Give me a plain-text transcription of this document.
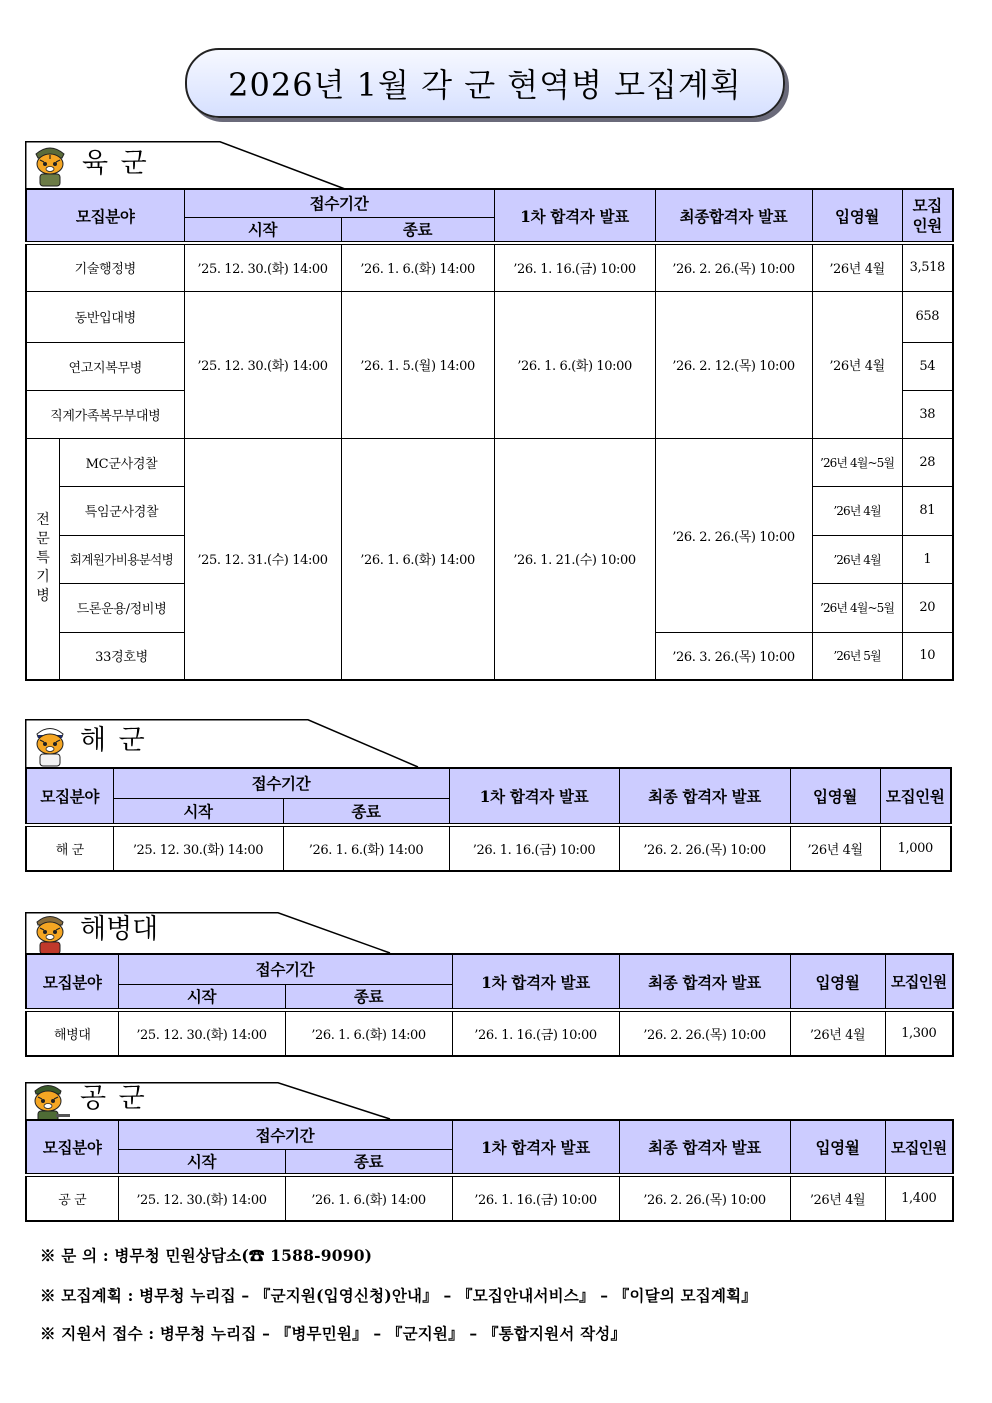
2026년 1월 각 군 현역병 모집계획
육 군
모집분야		접수기간		1차 합격자 발표	최종합격자 발표	입영월	모집
인원

		시작	종료				
기술행정병		’25. 12. 30.(화) 14:00	’26. 1. 6.(화) 14:00	’26. 1. 16.(금) 10:00	’26. 2. 26.(목) 10:00	’26년 4월	3,518
동반입대병		’25. 12. 30.(화) 14:00	’26. 1. 5.(월) 14:00	’26. 1. 6.(화) 10:00	’26. 2. 12.(목) 10:00	’26년 4월	658
연고지복무병							54
직계가족복무부대병							38

전문특기병	MC군사경찰	’25. 12. 31.(수) 14:00	’26. 1. 6.(화) 14:00	’26. 1. 21.(수) 10:00	’26. 2. 26.(목) 10:00	’26년 4월~5월	28
	특임군사경찰					’26년 4월	81
	회계원가비용분석병					’26년 4월	1
	드론운용/정비병					’26년 4월~5월	20
	33경호병				’26. 3. 26.(목) 10:00	’26년 5월	10
해 군
모집분야	접수기간		1차 합격자 발표	최종 합격자 발표	입영월	모집인원
	시작	종료				
해 군	’25. 12. 30.(화) 14:00	’26. 1. 6.(화) 14:00	’26. 1. 16.(금) 10:00	’26. 2. 26.(목) 10:00	’26년 4월	1,000
해병대
모집분야	접수기간		1차 합격자 발표	최종 합격자 발표	입영월	모집인원
	시작	종료				
해병대	’25. 12. 30.(화) 14:00	’26. 1. 6.(화) 14:00	’26. 1. 16.(금) 10:00	’26. 2. 26.(목) 10:00	’26년 4월	1,300
공 군
모집분야	접수기간		1차 합격자 발표	최종 합격자 발표	입영월	모집인원
	시작	종료				
공 군	’25. 12. 30.(화) 14:00	’26. 1. 6.(화) 14:00	’26. 1. 16.(금) 10:00	’26. 2. 26.(목) 10:00	’26년 4월	1,400
※ 문 의 : 병무청 민원상담소(☎ 1588-9090)
※ 모집계획 : 병무청 누리집 – 『군지원(입영신청)안내』 – 『모집안내서비스』 – 『이달의 모집계획』
※ 지원서 접수 : 병무청 누리집 – 『병무민원』 – 『군지원』 – 『통합지원서 작성』
